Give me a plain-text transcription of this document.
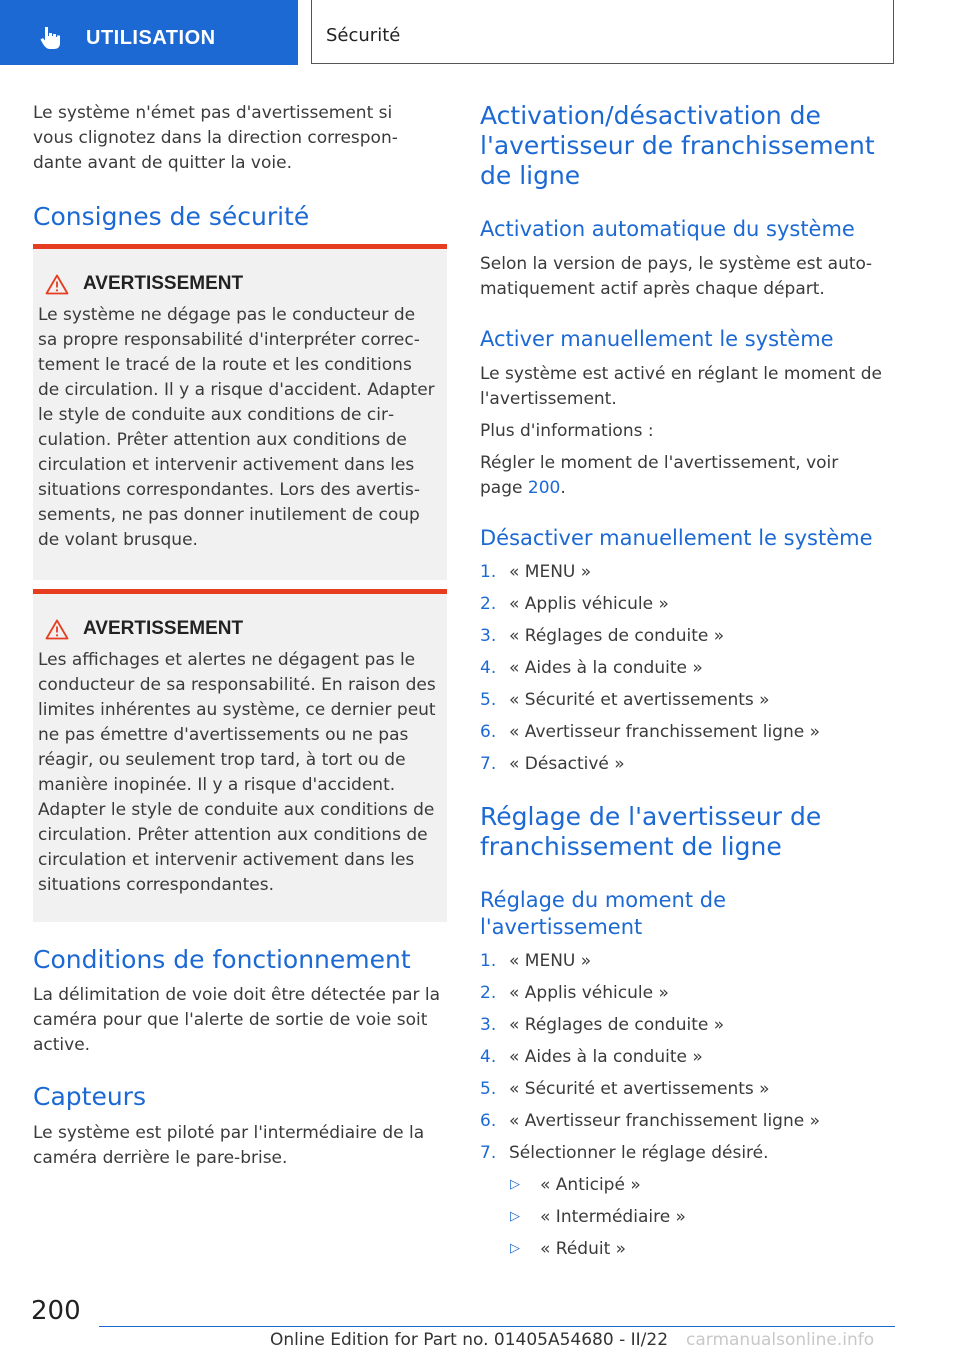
UTILISATION	Sécurité

Le système n'émet pas d'avertissement si vous clignotez dans la direction correspondante avant de quitter la voie.

Consignes de sécurité
AVERTISSEMENT

Le système ne dégage pas le conducteur de sa propre responsabilité d'interpréter correctement le tracé de la route et les conditions de circulation. Il y a risque d'accident. Adapter le style de conduite aux conditions de circulation. Prêter attention aux conditions de circulation et intervenir activement dans les situations correspondantes. Lors des avertissements, ne pas donner inutilement de coup de volant brusque.

AVERTISSEMENT

Les affichages et alertes ne dégagent pas le conducteur de sa responsabilité. En raison des limites inhérentes au système, ce dernier peut ne pas émettre d'avertissements ou ne pas réagir, ou seulement trop tard, à tort ou de manière inopinée. Il y a risque d'accident. Adapter le style de conduite aux conditions de circulation. Prêter attention aux conditions de circulation et intervenir activement dans les situations correspondantes.

Conditions de fonctionnement

La délimitation de voie doit être détectée par la caméra pour que l'alerte de sortie de voie soit active.

Capteurs

Le système est piloté par l'intermédiaire de la caméra derrière le pare-brise.

Activation/désactivation de l'avertisseur de franchissement de ligne
Activation automatique du système

Selon la version de pays, le système est automatiquement actif après chaque départ.

Activer manuellement le système

Le système est activé en réglant le moment de l'avertissement.

Plus d'informations :

Régler le moment de l'avertissement, voir page 200.

Désactiver manuellement le système
1. « MENU »
2. « Applis véhicule »
3. « Réglages de conduite »
4. « Aides à la conduite »
5. « Sécurité et avertissements »
6. « Avertisseur franchissement ligne »
7. « Désactivé »
Réglage de l'avertisseur de franchissement de ligne
Réglage du moment de l'avertissement
1. « MENU »
2. « Applis véhicule »
3. « Réglages de conduite »
4. « Aides à la conduite »
5. « Sécurité et avertissements »
6. « Avertisseur franchissement ligne »
7. Sélectionner le réglage désiré.
▷	« Anticipé »
▷	« Intermédiaire »
▷	« Réduit »
200
Online Edition for Part no. 01405A54680 - II/22 carmanualsonline.info
